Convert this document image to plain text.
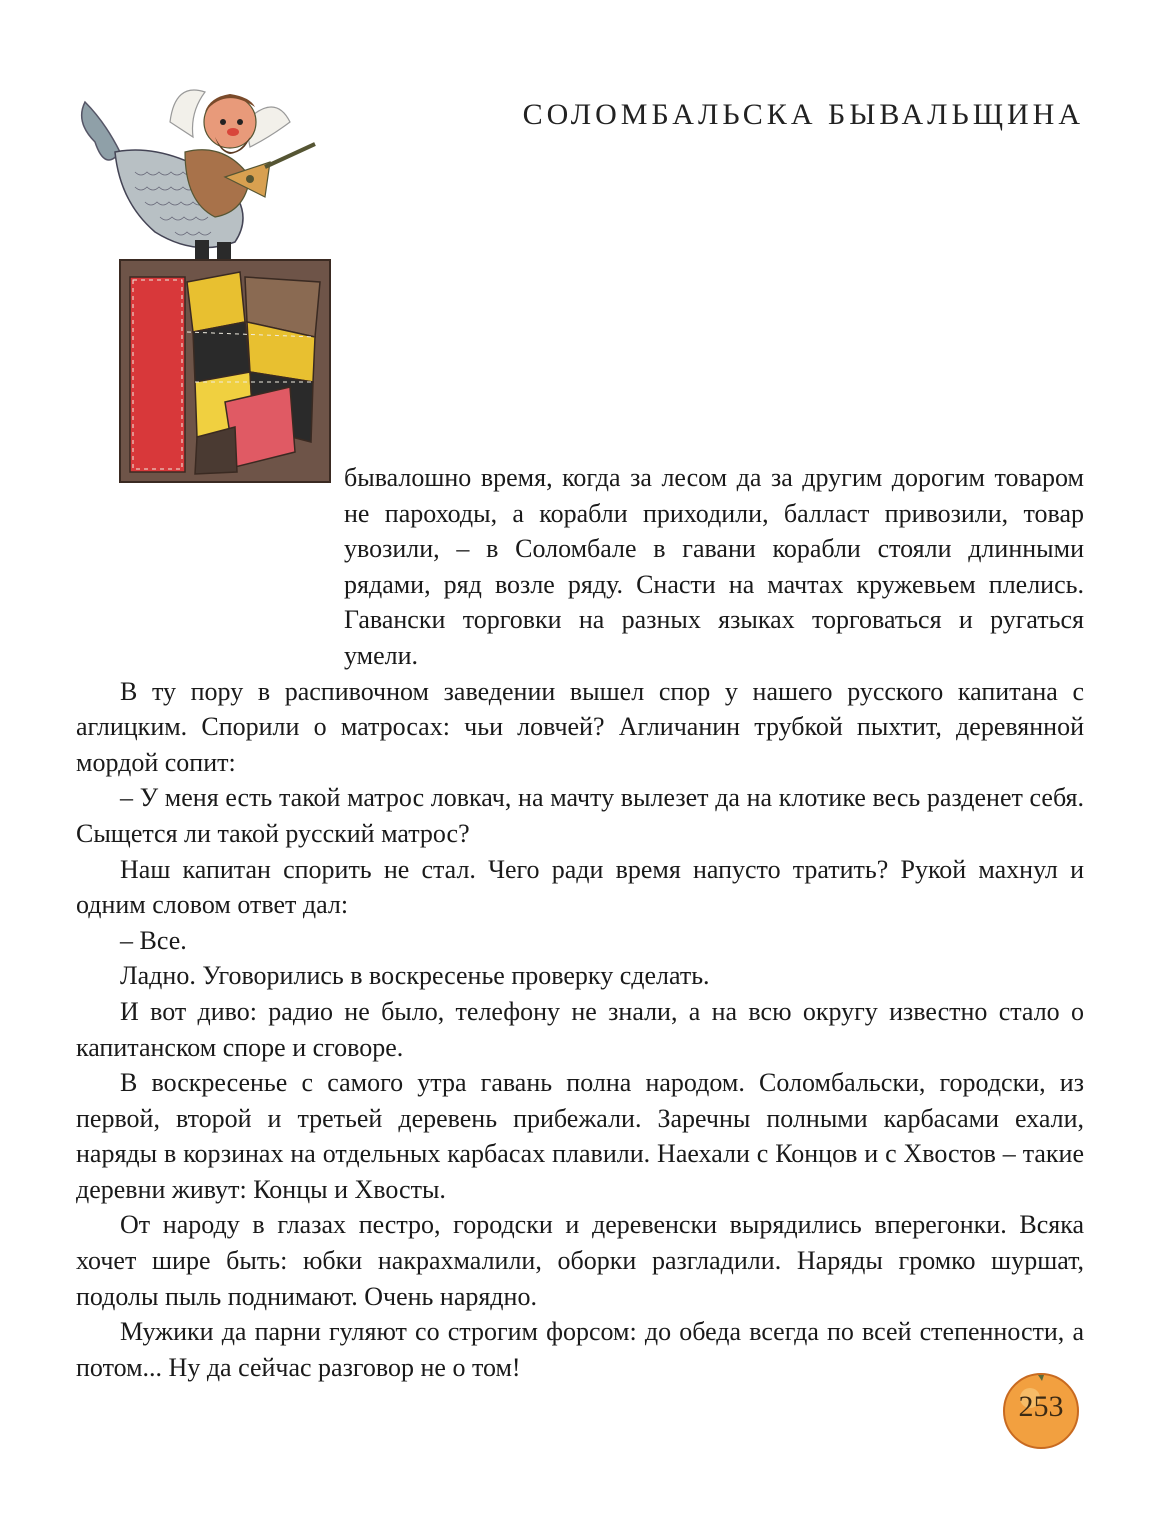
СОЛОМБАЛЬСКА БЫВАЛЬЩИНА

бывалошно время, когда за лесом да за другим дорогим товаром не пароходы, а корабли приходили, балласт привозили, товар увозили, – в Соломбале в гавани корабли стояли длинными рядами, ряд возле ряду. Снасти на мачтах кружевьем плелись. Гавански торговки на разных языках торговаться и ругаться умели.

В ту пору в распивочном заведении вышел спор у нашего русского капитана с аглицким. Спорили о матросах: чьи ловчей? Агличанин трубкой пыхтит, деревянной мордой сопит:

– У меня есть такой матрос ловкач, на мачту вылезет да на клотике весь разденет себя. Сыщется ли такой русский матрос?

Наш капитан спорить не стал. Чего ради время напусто тратить? Рукой махнул и одним словом ответ дал:

– Все.

Ладно. Уговорились в воскресенье проверку сделать.

И вот диво: радио не было, телефону не знали, а на всю округу известно стало о капитанском споре и сговоре.

В воскресенье с самого утра гавань полна народом. Соломбальски, городски, из первой, второй и третьей деревень прибежали. Заречны полными карбасами ехали, наряды в корзинах на отдельных карбасах плавили. Наехали с Концов и с Хвостов – такие деревни живут: Концы и Хвосты.

От народу в глазах пестро, городски и деревенски вырядились вперегонки. Всяка хочет шире быть: юбки накрахмалили, оборки разгладили. Наряды громко шуршат, подолы пыль поднимают. Очень нарядно.

Мужики да парни гуляют со строгим форсом: до обеда всегда по всей степенности, а потом... Ну да сейчас разговор не о том!

253
